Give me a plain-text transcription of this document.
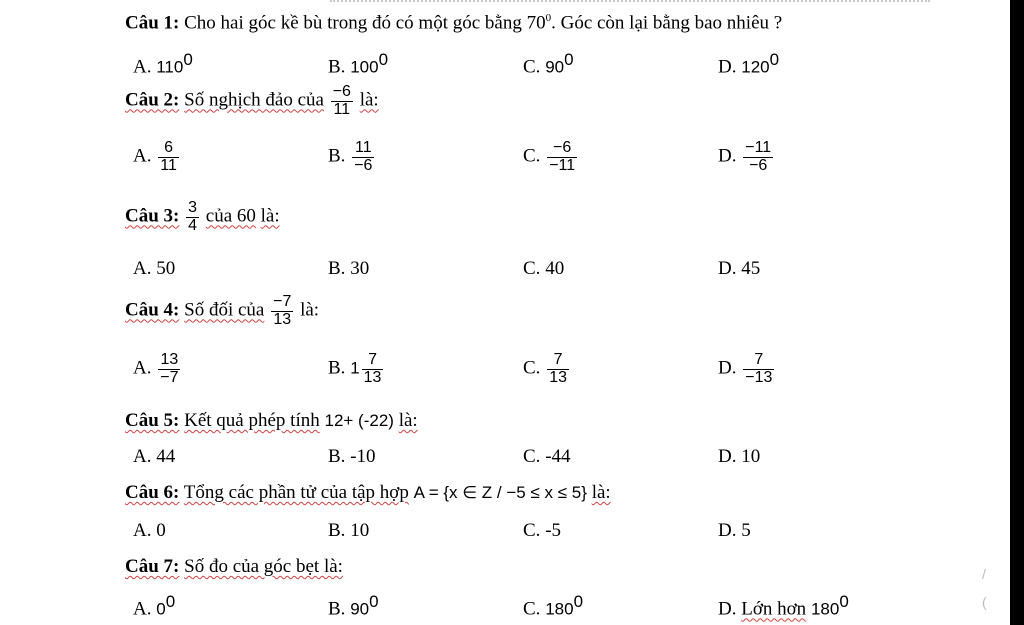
Câu 1: Cho hai góc kề bù trong đó có một góc bằng $70^0$. Góc còn lại bằng bao nhiêu ?
A. $110^0$	B. $100^0$	C. $90^0$	D. $120^0$
Câu 2: Số nghịch đảo của $\frac{-6}{11}$ là:
A. $\frac{6}{11}$	B. $\frac{11}{-6}$	C. $\frac{-6}{-11}$	D. $\frac{-11}{-6}$
Câu 3: $\frac{3}{4}$ của 60 là:
A. 50	B. 30	C. 40	D. 45
Câu 4: Số đối của $\frac{-7}{13}$ là:
A. $\frac{13}{-7}$	B. $1 \frac{7}{13}$	C. $\frac{7}{13}$	D. $\frac{7}{-13}$
Câu 5: Kết quả phép tính 12+ (-22) là:
A. 44	B. -10	C. -44	D. 10
Câu 6: Tổng các phần tử của tập hợp A = {x ∈ Z / −5 ≤ x ≤ 5} là:
A. 0	B. 10	C. -5	D. 5
Câu 7: Số đo của góc bẹt là:
A. $0^0$	B. $90^0$	C. $180^0$	D. Lớn hơn $180^0$
/
(
